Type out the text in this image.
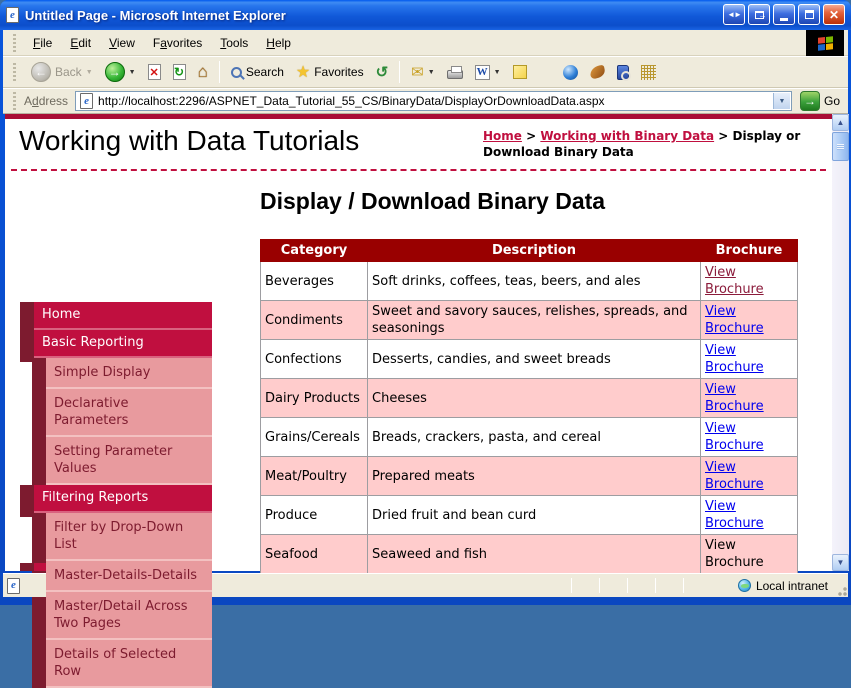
e
Untitled Page - Microsoft Internet Explorer	◄► →	✕
File	Edit	View	Favorites	Tools	Help
← Back ▼	→	▼ ✕ ↻ ⌂	Search ★ Favorites ↺ ✉ ▼	W ▼
Address e	http://localhost:2296/ASPNET_Data_Tutorial_55_CS/BinaryData/DisplayOrDownloadData.aspx	▼	→ Go
Working with Data Tutorials	Home > Working with Binary Data > Display or Download Binary Data
Home
Basic Reporting
Simple Display
Declarative Parameters
Setting Parameter Values
Filtering Reports
Filter by Drop-Down List
Master-Details-Details
Master/Detail Across Two Pages
Details of Selected Row
Display / Download Binary Data
Category	Description	Brochure
Beverages	Soft drinks, coffees, teas, beers, and ales	View Brochure
Condiments	Sweet and savory sauces, relishes, spreads, and seasonings	View Brochure
Confections	Desserts, candies, and sweet breads	View Brochure
Dairy Products	Cheeses	View Brochure
Grains/Cereals	Breads, crackers, pasta, and cereal	View Brochure
Meat/Poultry	Prepared meats	View Brochure
Produce	Dried fruit and bean curd	View Brochure
Seafood	Seaweed and fish	View Brochure
▲
▼
e
Local intranet
